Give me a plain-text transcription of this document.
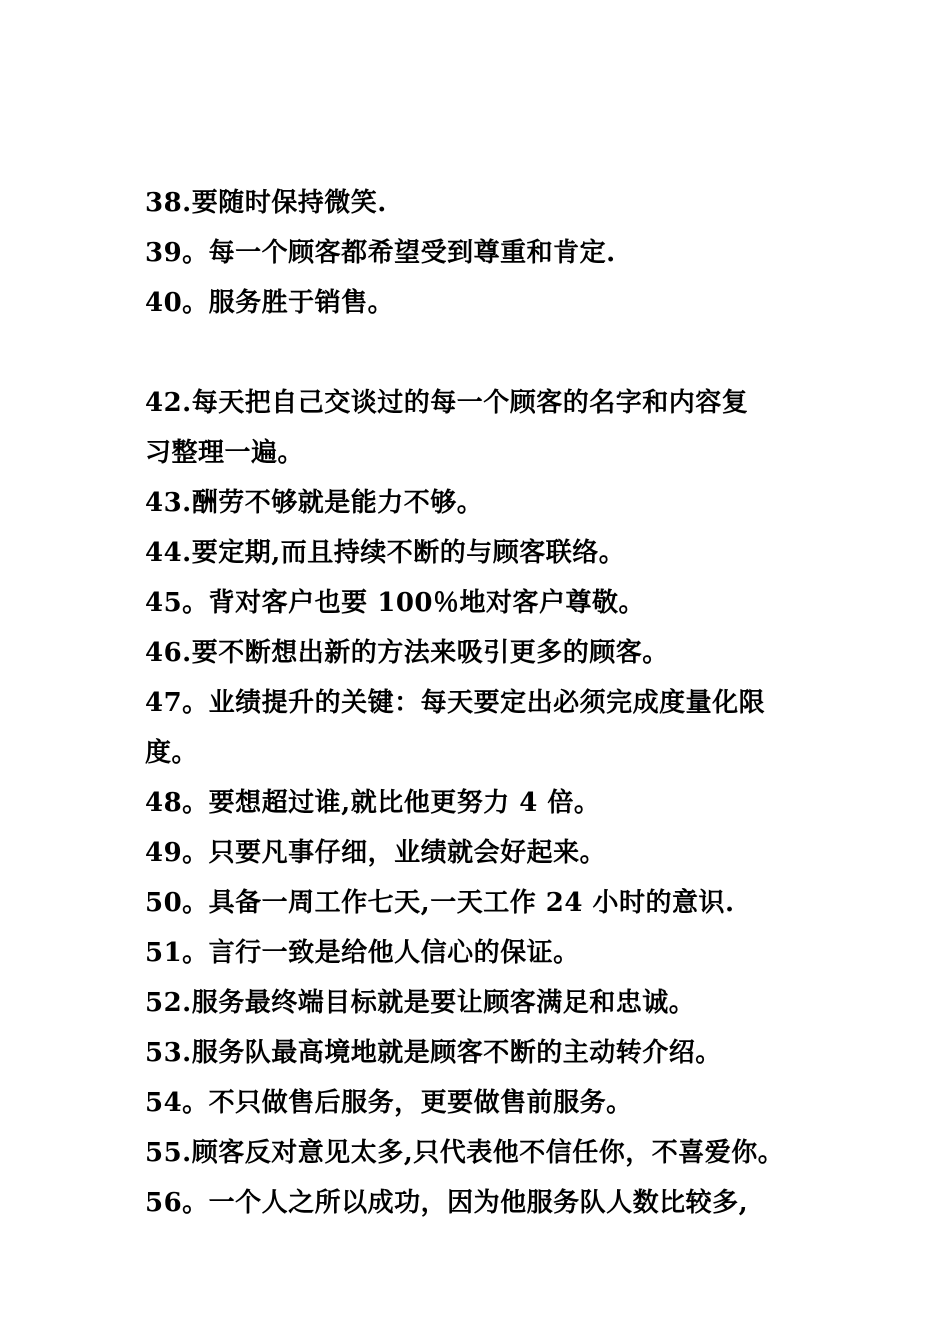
38.要随时保持微笑.
39。每一个顾客都希望受到尊重和肯定.
40。服务胜于销售。
42.每天把自己交谈过的每一个顾客的名字和内容复
习整理一遍。
43.酬劳不够就是能力不够。
44.要定期,而且持续不断的与顾客联络。
45。背对客户也要 100％地对客户尊敬。
46.要不断想出新的方法来吸引更多的顾客。
47。业绩提升的关键：每天要定出必须完成度量化限
度。
48。要想超过谁,就比他更努力 4 倍。
49。只要凡事仔细，业绩就会好起来。
50。具备一周工作七天,一天工作 24 小时的意识.
51。言行一致是给他人信心的保证。
52.服务最终端目标就是要让顾客满足和忠诚。
53.服务队最高境地就是顾客不断的主动转介绍。
54。不只做售后服务，更要做售前服务。
55.顾客反对意见太多,只代表他不信任你，不喜爱你。
56。一个人之所以成功，因为他服务队人数比较多,
